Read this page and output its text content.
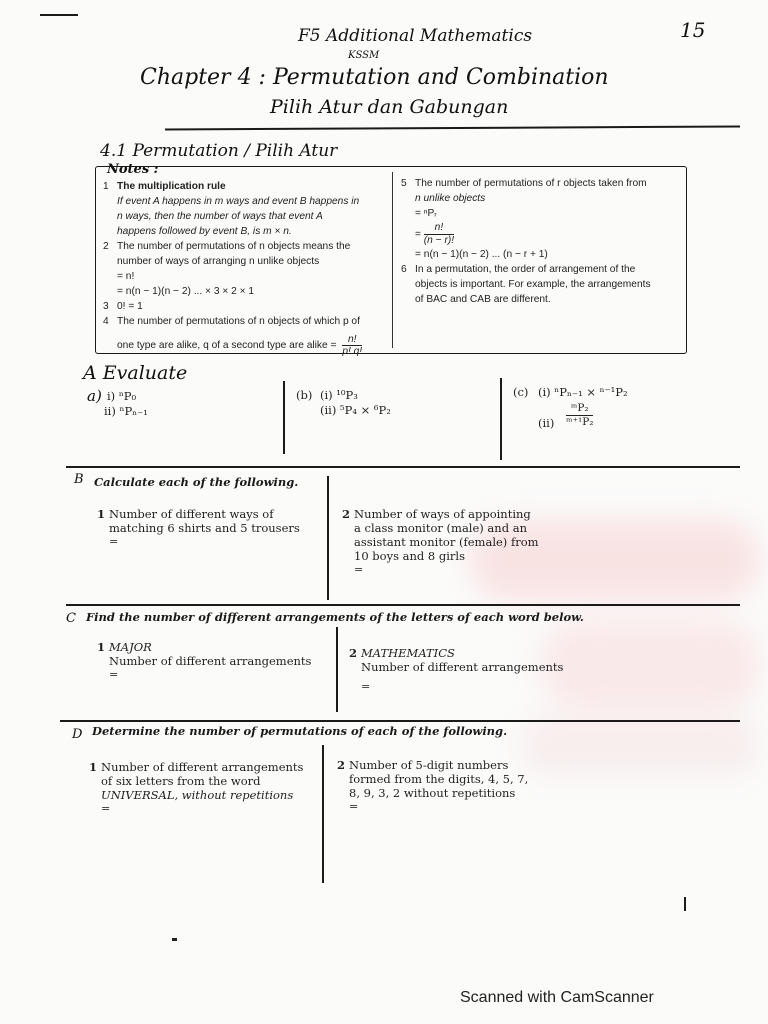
F5 Additional Mathematics
KSSM
15
Chapter 4 : Permutation and Combination
Pilih Atur dan Gabungan
4.1 Permutation / Pilih Atur
Notes :
1 The multiplication rule

If event A happens in m ways and event B happens in

n ways, then the number of ways that event A

happens followed by event B, is m × n.

2 The number of permutations of n objects means the

number of ways of arranging n unlike objects

= n!

= n(n − 1)(n − 2) ... × 3 × 2 × 1

3 0! = 1

4 The number of permutations of n objects of which p of

one type are alike, q of a second type are alike = $\frac{n!}{p! q!}$

5 The number of permutations of r objects taken from

n unlike objects

= ⁿPᵣ

= $\frac{n!}{(n - r)!}$

= n(n − 1)(n − 2) ... (n − r + 1)

6 In a permutation, the order of arrangement of the

objects is important. For example, the arrangements

of BAC and CAB are different.

A Evaluate
a) i) ⁿP₀
ii) ⁿPₙ₋₁
(b) (i) ¹⁰P₃
(ii) ⁵P₄ × ⁶P₂
(c) (i) ⁿPₙ₋₁ × ⁿ⁻¹P₂
$(ii) \frac{\text{ᵐP₂}}{\text{ᵐ⁺¹P₂}}$
B Calculate each of the following.
1 Number of different ways of
matching 6 shirts and 5 trousers
=
2 Number of ways of appointing
a class monitor (male) and an
assistant monitor (female) from
10 boys and 8 girls
=
C Find the number of different arrangements of the letters of each word below.
1 MAJOR
Number of different arrangements
=
2 MATHEMATICS
Number of different arrangements
=
D Determine the number of permutations of each of the following.
1 Number of different arrangements
of six letters from the word
UNIVERSAL, without repetitions
=
2 Number of 5-digit numbers
formed from the digits, 4, 5, 7,
8, 9, 3, 2 without repetitions
=
Scanned with CamScanner
